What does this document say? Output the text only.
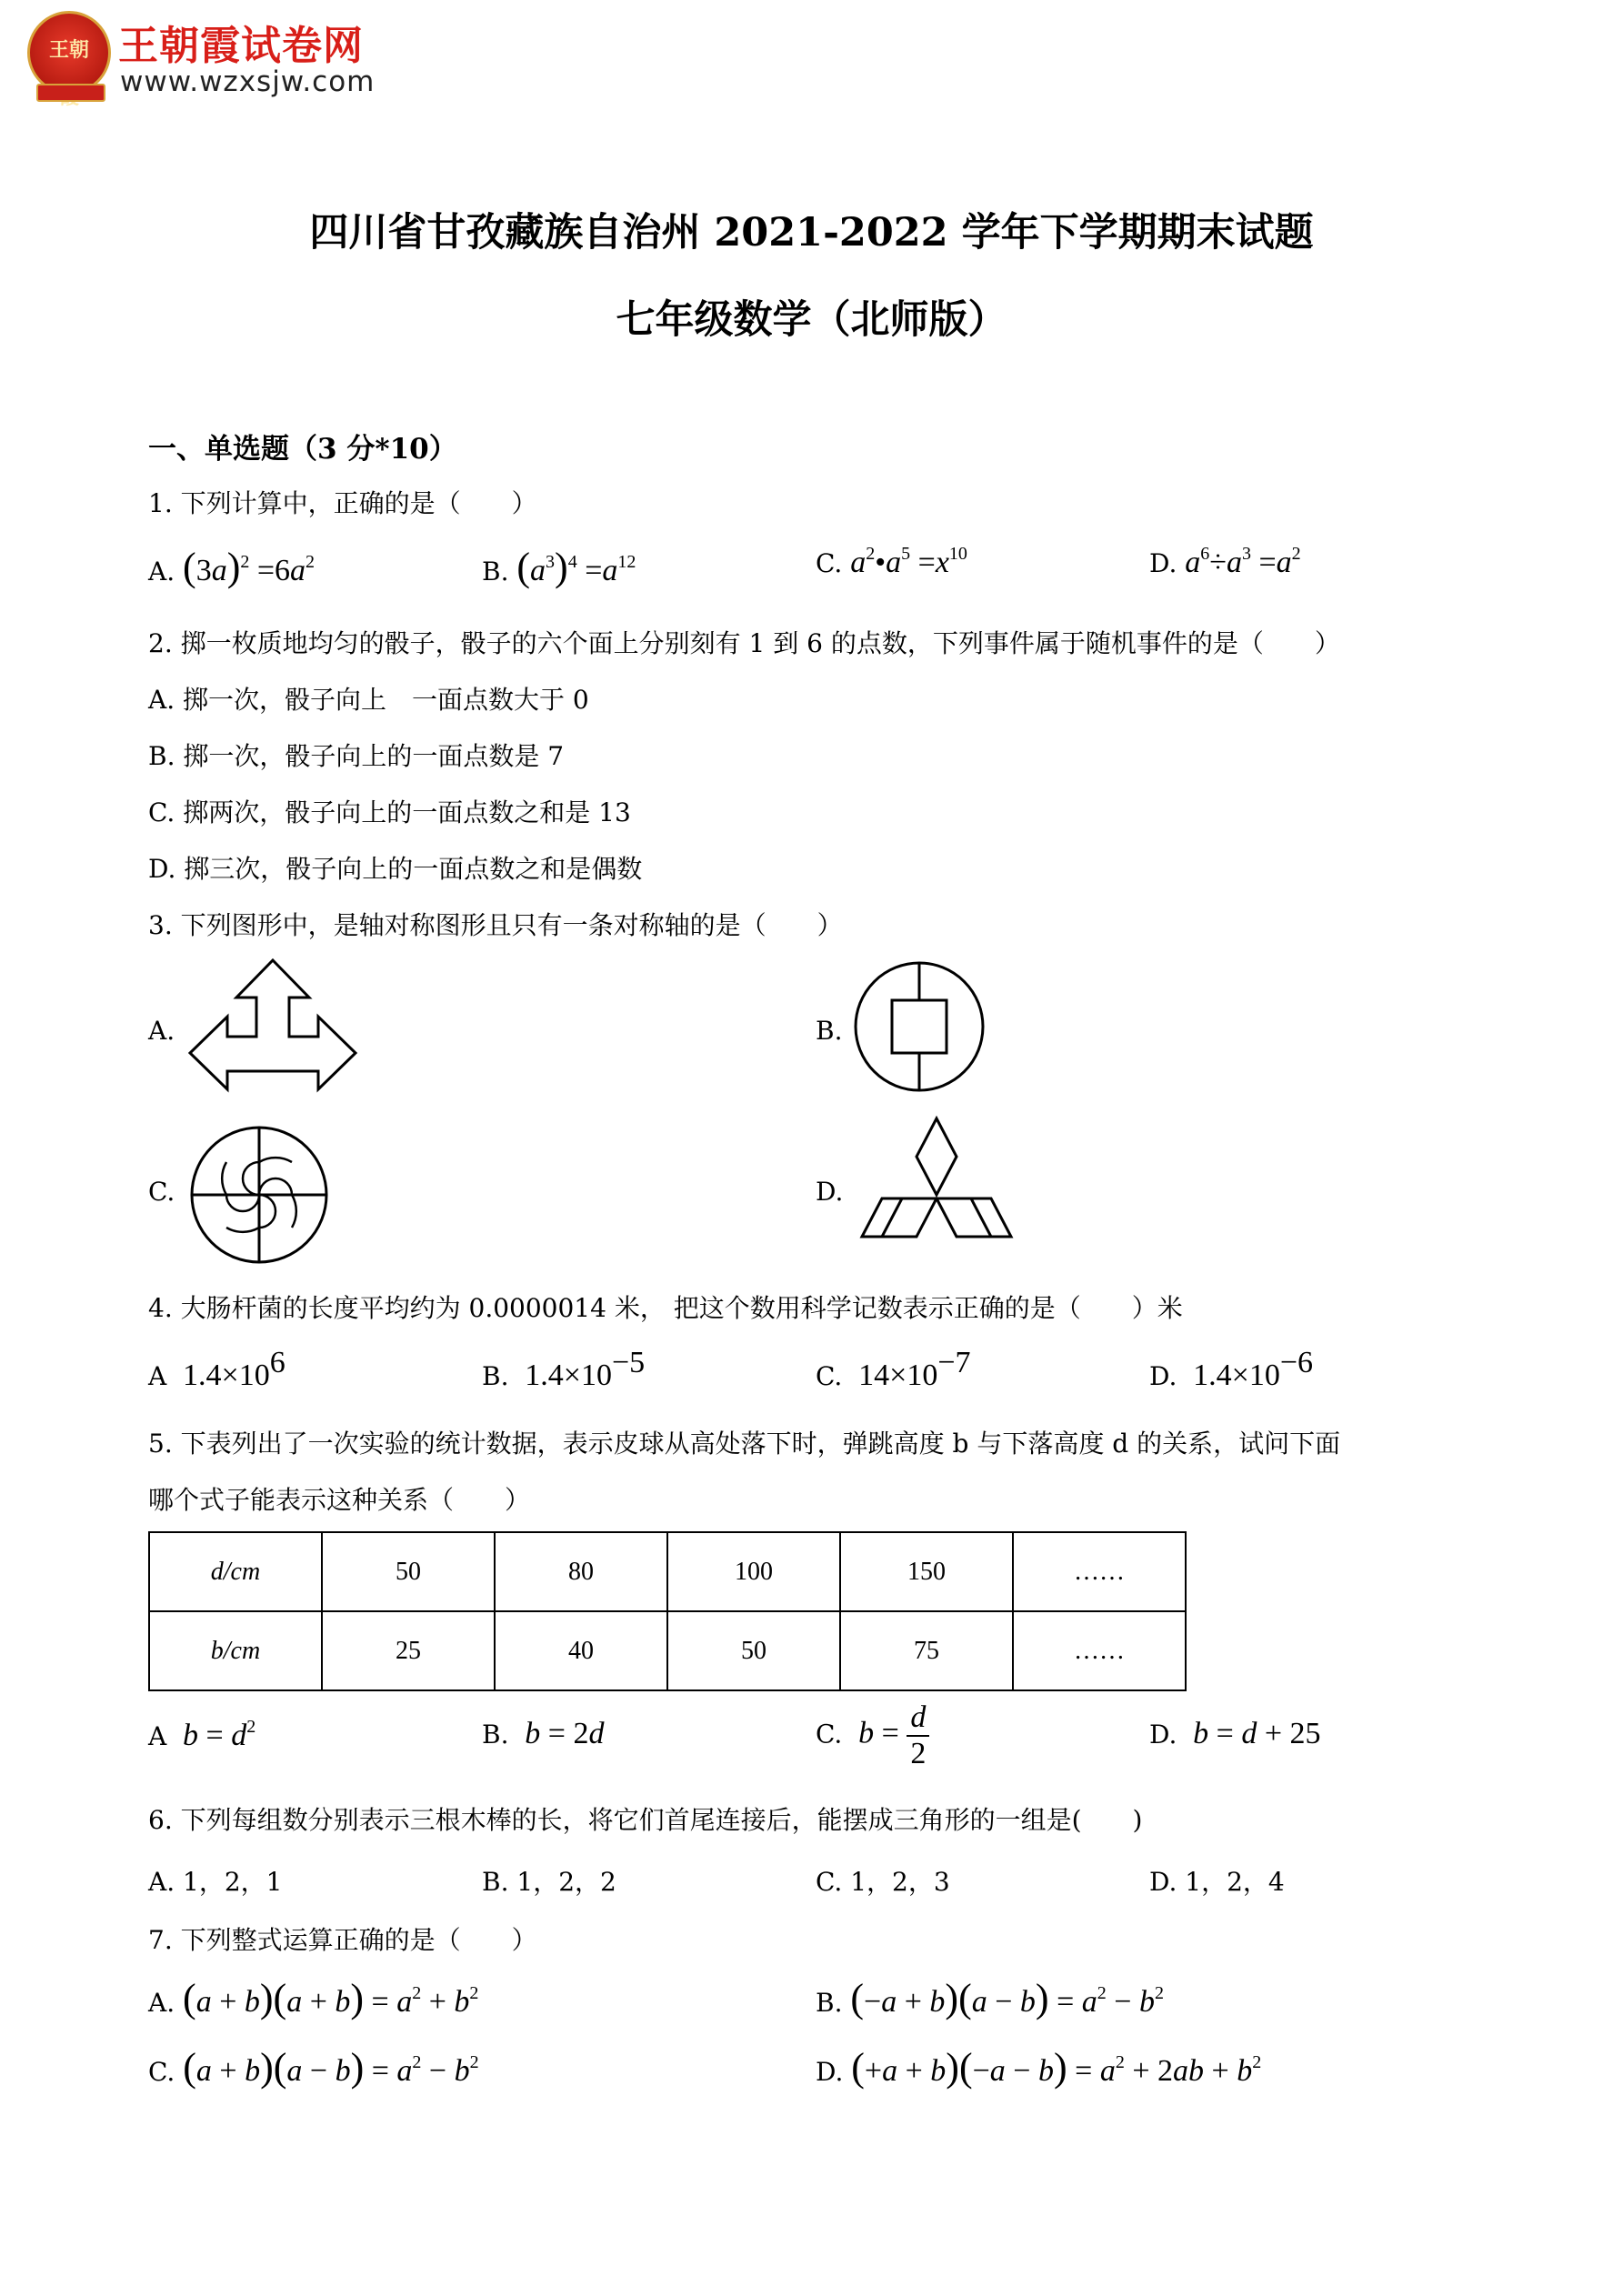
王朝 王朝霞试卷网
www.wzxsjw.com
四川省甘孜藏族自治州 2021-2022 学年下学期期末试题
七年级数学（北师版）
一、单选题（3 分*10）
1. 下列计算中，正确的是（　　）
A. $(3a)^2 =6a^2$	B. $(a^3)^4 =a^{12}$	C. $a^2•a^5 =x^{10}$	D. $a^6\div a^3 =a^2$
2. 掷一枚质地均匀的骰子，骰子的六个面上分别刻有 1 到 6 的点数，下列事件属于随机事件的是（　　）
A. 掷一次，骰子向上　一面点数大于 0
B. 掷一次，骰子向上的一面点数是 7
C. 掷两次，骰子向上的一面点数之和是 13
D. 掷三次，骰子向上的一面点数之和是偶数
3. 下列图形中，是轴对称图形且只有一条对称轴的是（　　）
A.	B.
C.	D.
4. 大肠杆菌的长度平均约为 0.0000014 米， 把这个数用科学记数表示正确的是（　　）米
A $1.4\times 10^6$	B. $1.4\times 10^{-5}$	C. $14\times 10^{-7}$	D. $1.4\times 10^{-6}$
5. 下表列出了一次实验的统计数据，表示皮球从高处落下时，弹跳高度 b 与下落高度 d 的关系，试问下面
哪个式子能表示这种关系（　　）
d/cm	50	80	100	150	……
b/cm	25	40	50	75	……
A $b = d^2$	B. b = 2d	C. $b = \frac{d}{2}$	D. b = d + 25
6. 下列每组数分别表示三根木棒的长，将它们首尾连接后，能摆成三角形的一组是(　　)
A. 1，2，1	B. 1，2，2	C. 1，2，3	D. 1，2，4
7. 下列整式运算正确的是（　　）
A. $(a + b)(a + b) = a^2 + b^2$	B. $(-a + b)(a - b) = a^2 - b^2$
C. $(a + b)(a - b) = a^2 - b^2$	D. $(+a + b)(-a - b) = a^2 + 2ab + b^2$
